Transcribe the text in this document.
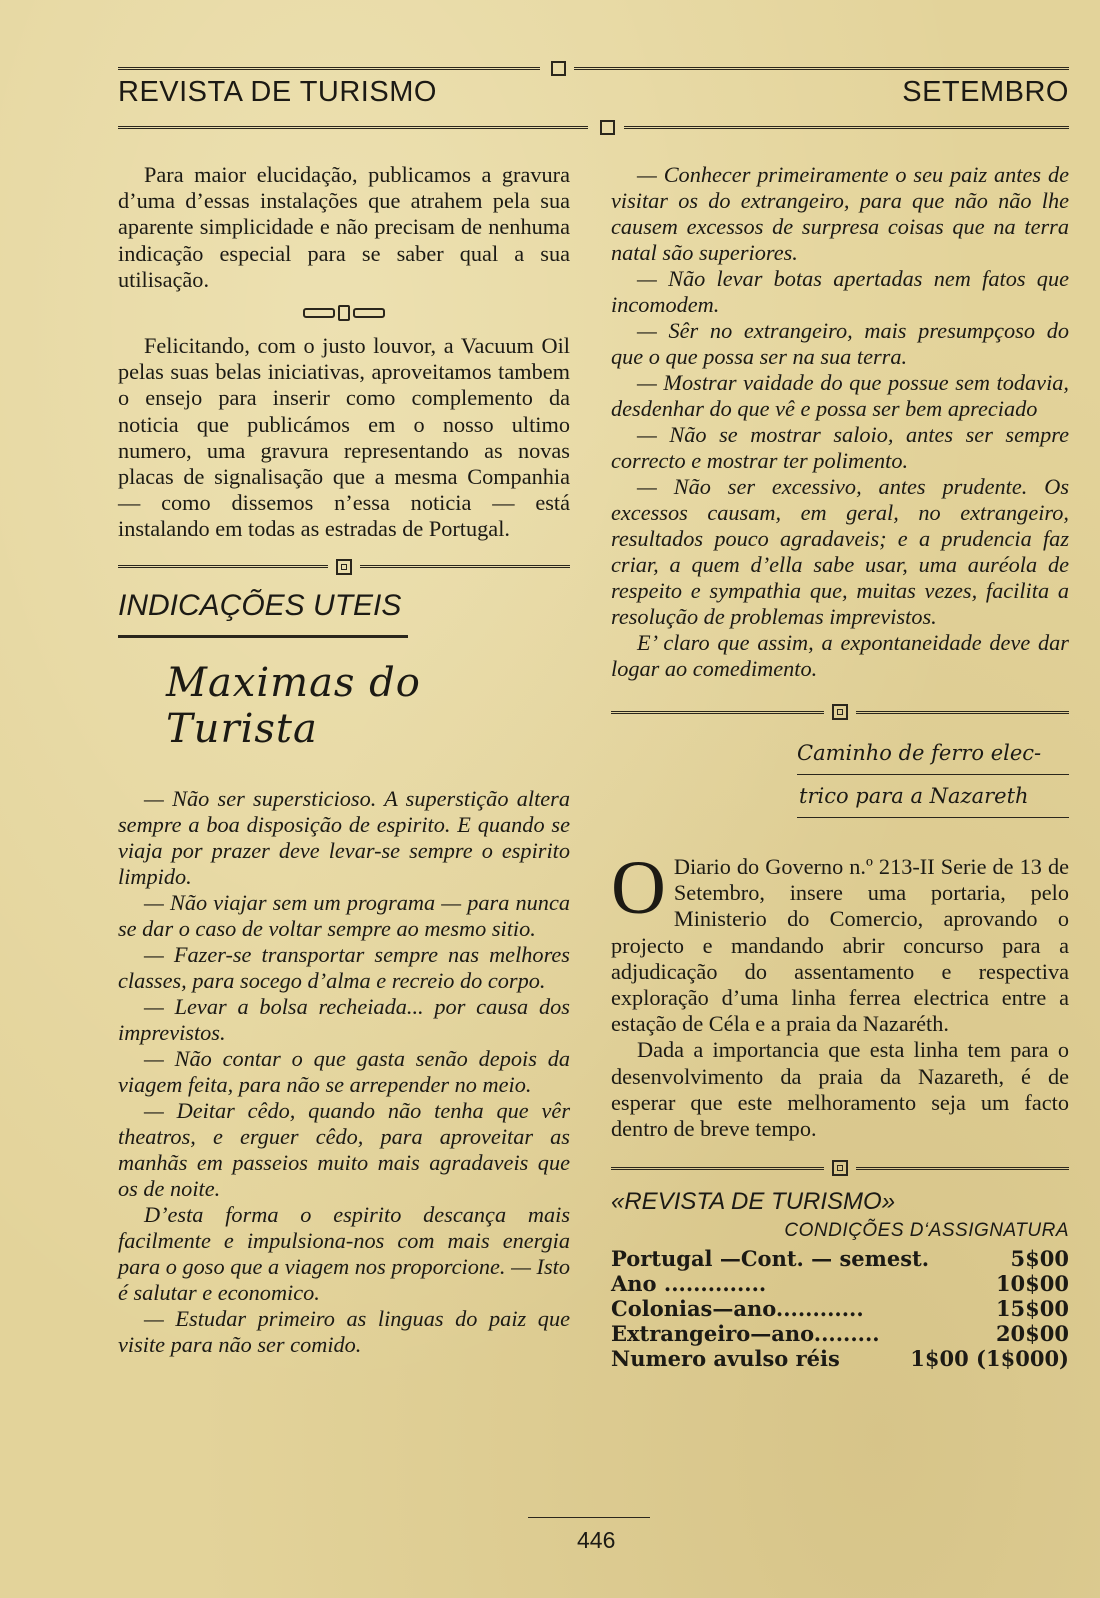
REVISTA DE TURISMO	SETEMBRO

Para maior elucidação, publicamos a gravura d’uma d’essas instalações que atrahem pela sua aparente simplicidade e não precisam de nenhuma indicação especial para se saber qual a sua utilisação.

Felicitando, com o justo louvor, a Vacuum Oil pelas suas belas iniciativas, aproveitamos tambem o ensejo para inserir como complemento da noticia que publicámos em o nosso ultimo numero, uma gravura representando as novas placas de signalisação que a mesma Companhia — como dissemos n’essa noticia — está instalando em todas as estradas de Portugal.

INDICAÇÕES UTEIS
Maximas do Turista

— Não ser supersticioso. A superstição altera sempre a boa disposição de espirito. E quando se viaja por prazer deve levar-se sempre o espirito limpido.

— Não viajar sem um programa — para nunca se dar o caso de voltar sempre ao mesmo sitio.

— Fazer-se transportar sempre nas melhores classes, para socego d’alma e recreio do corpo.

— Levar a bolsa recheiada... por causa dos imprevistos.

— Não contar o que gasta senão depois da viagem feita, para não se arrepender no meio.

— Deitar cêdo, quando não tenha que vêr theatros, e erguer cêdo, para aproveitar as manhãs em passeios muito mais agradaveis que os de noite.

D’esta forma o espirito descança mais facilmente e impulsiona-nos com mais energia para o goso que a viagem nos proporcione. — Isto é salutar e economico.

— Estudar primeiro as linguas do paiz que visite para não ser comido.

— Conhecer primeiramente o seu paiz antes de visitar os do extrangeiro, para que não não lhe causem excessos de surpresa coisas que na terra natal são superiores.

— Não levar botas apertadas nem fatos que incomodem.

— Sêr no extrangeiro, mais presumpçoso do que o que possa ser na sua terra.

— Mostrar vaidade do que possue sem todavia, desdenhar do que vê e possa ser bem apreciado

— Não se mostrar saloio, antes ser sempre correcto e mostrar ter polimento.

— Não ser excessivo, antes prudente. Os excessos causam, em geral, no extrangeiro, resultados pouco agradaveis; e a prudencia faz criar, a quem d’ella sabe usar, uma auréola de respeito e sympathia que, muitas vezes, facilita a resolução de problemas imprevistos.

E’ claro que assim, a expontaneidade deve dar logar ao comedimento.

Caminho de ferro elec-
trico para a Nazareth
O Diario do Governo n.º 213-II Serie de 13 de Setembro, insere uma portaria, pelo Ministerio do Comercio, aprovando o projecto e mandando abrir concurso para a adjudicação do assentamento e respectiva exploração d’uma linha ferrea electrica entre a estação de Céla e a praia da Nazaréth.

Dada a importancia que esta linha tem para o desenvolvimento da praia da Nazareth, é de esperar que este melhoramento seja um facto dentro de breve tempo.

«REVISTA DE TURISMO»
CONDIÇÕES D‘ASSIGNATURA
Portugal —Cont. — semest.	5$00
Ano ..............	10$00
Colonias—ano............	15$00
Extrangeiro—ano.........	20$00
Numero avulso réis	1$00 (1$000)
446
